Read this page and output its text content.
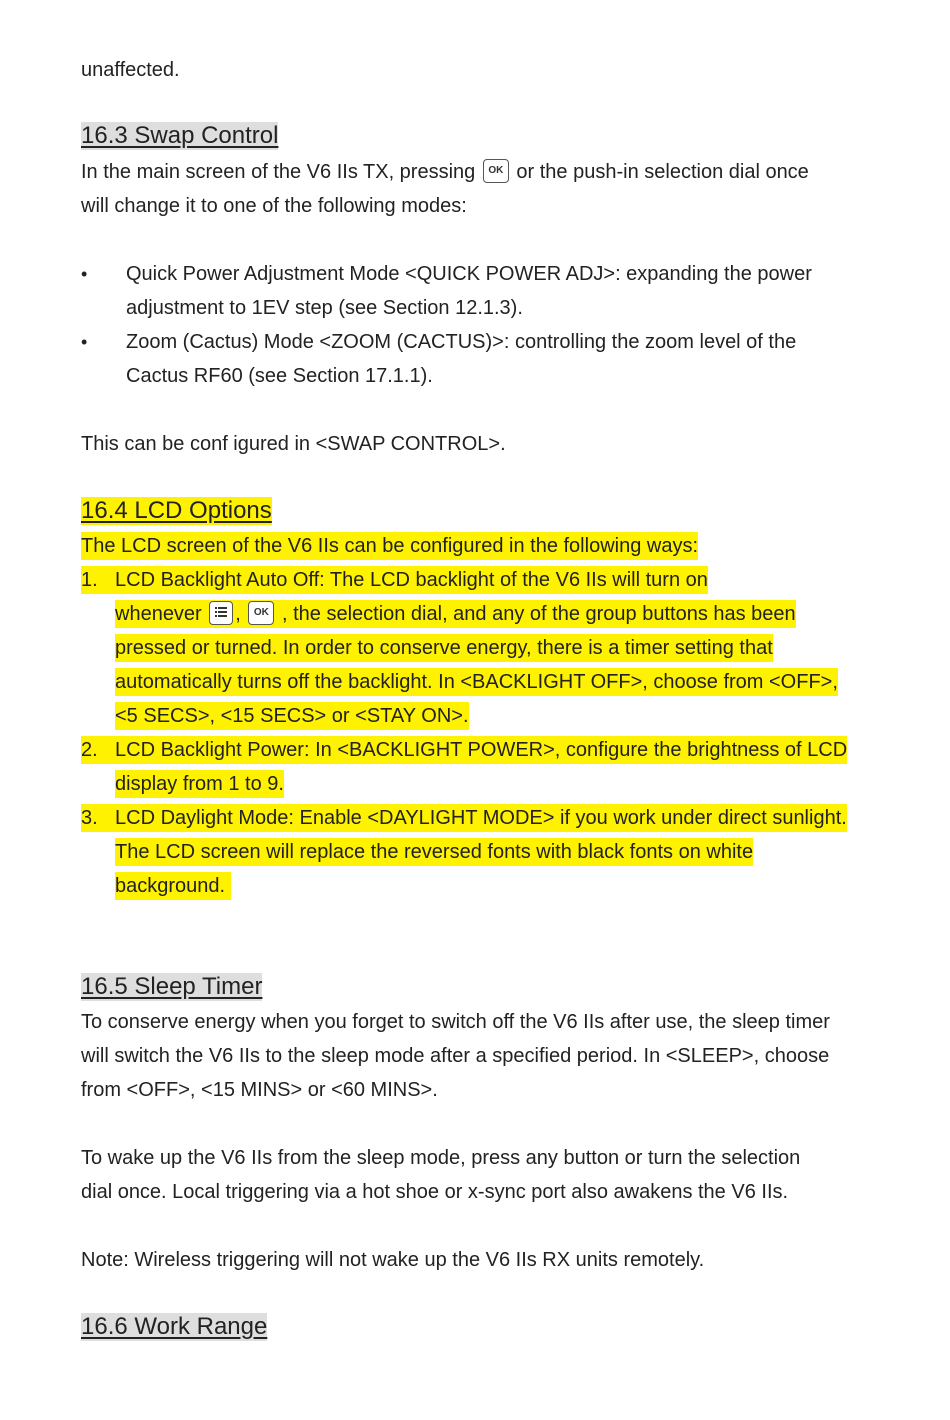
unaffected.
16.3 Swap Control
In the main screen of the V6 IIs TX, pressing OK or the push-in selection dial once
will change it to one of the following modes:
• Quick Power Adjustment Mode <QUICK POWER ADJ>: expanding the power
adjustment to 1EV step (see Section 12.1.3).
• Zoom (Cactus) Mode <ZOOM (CACTUS)>: controlling the zoom level of the
Cactus RF60 (see Section 17.1.1).
This can be conf igured in <SWAP CONTROL>.
16.4 LCD Options
The LCD screen of the V6 IIs can be configured in the following ways:
1. LCD Backlight Auto Off: The LCD backlight of the V6 IIs will turn on
whenever , OK , the selection dial, and any of the group buttons has been
pressed or turned. In order to conserve energy, there is a timer setting that
automatically turns off the backlight. In <BACKLIGHT OFF>, choose from <OFF>,
<5 SECS>, <15 SECS> or <STAY ON>.
2. LCD Backlight Power: In <BACKLIGHT POWER>, configure the brightness of LCD
display from 1 to 9.
3. LCD Daylight Mode: Enable <DAYLIGHT MODE> if you work under direct sunlight.
The LCD screen will replace the reversed fonts with black fonts on white
background.
16.5 Sleep Timer
To conserve energy when you forget to switch off the V6 IIs after use, the sleep timer
will switch the V6 IIs to the sleep mode after a specified period. In <SLEEP>, choose
from <OFF>, <15 MINS> or <60 MINS>.
To wake up the V6 IIs from the sleep mode, press any button or turn the selection
dial once. Local triggering via a hot shoe or x-sync port also awakens the V6 IIs.
Note: Wireless triggering will not wake up the V6 IIs RX units remotely.
16.6 Work Range
